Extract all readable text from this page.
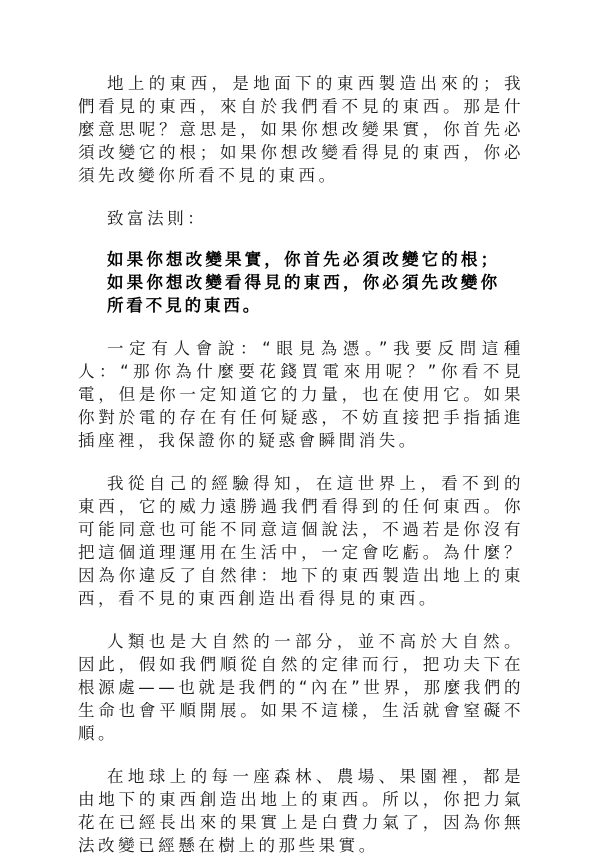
地上的東西，是地面下的東西製造出來的；我們看見的東西，來自於我們看不見的東西。那是什麼意思呢？意思是，如果你想改變果實，你首先必須改變它的根；如果你想改變看得見的東西，你必須先改變你所看不見的東西。

致富法則：

如果你想改變果實，你首先必須改變它的根；如果你想改變看得見的東西，你必須先改變你所看不見的東西。

一定有人會說：“眼見為憑。”我要反問這種人：“那你為什麼要花錢買電來用呢？”你看不見電，但是你一定知道它的力量，也在使用它。如果你對於電的存在有任何疑惑，不妨直接把手指插進插座裡，我保證你的疑惑會瞬間消失。

我從自己的經驗得知，在這世界上，看不到的東西，它的威力遠勝過我們看得到的任何東西。你可能同意也可能不同意這個說法，不過若是你沒有把這個道理運用在生活中，一定會吃虧。為什麼？因為你違反了自然律：地下的東西製造出地上的東西，看不見的東西創造出看得見的東西。

人類也是大自然的一部分，並不高於大自然。因此，假如我們順從自然的定律而行，把功夫下在根源處——也就是我們的“內在”世界，那麼我們的生命也會平順開展。如果不這樣，生活就會窒礙不順。

在地球上的每一座森林、農場、果園裡，都是由地下的東西創造出地上的東西。所以，你把力氣花在已經長出來的果實上是白費力氣了，因為你無法改變已經懸在樹上的那些果實。
